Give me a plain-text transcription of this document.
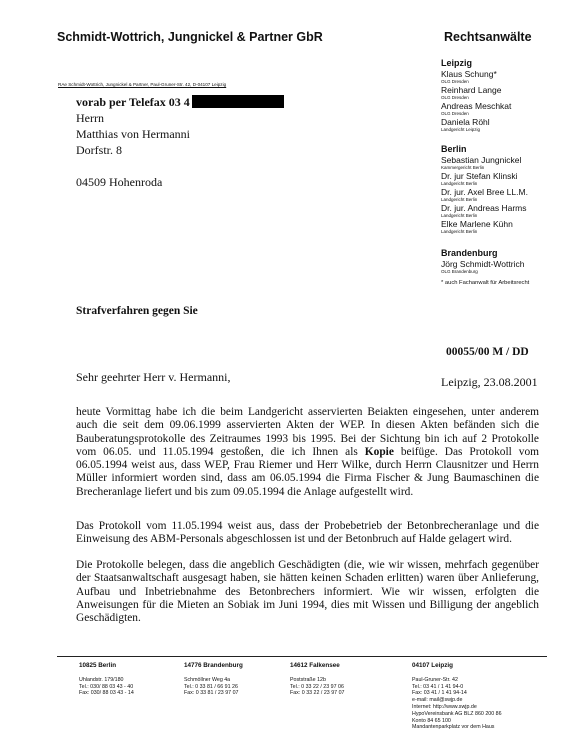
Schmidt-Wottrich, Jungnickel & Partner GbR	Rechtsanwälte
RAe Schmidt-Wottrich, Jungnickel & Partner, Paul-Gruner-Str. 42, D-04107 Leipzig
vorab per Telefax 03 4
Herrn
Matthias von Hermanni
Dorfstr. 8
04509 Hohenroda
Leipzig
Klaus Schung*
OLG Dresden
Reinhard Lange
OLG Dresden
Andreas Meschkat
OLG Dresden
Daniela Röhl
Landgericht Leipzig
Berlin
Sebastian Jungnickel
Kammergericht Berlin
Dr. jur Stefan Klinski
Landgericht Berlin
Dr. jur. Axel Bree LL.M.
Landgericht Berlin
Dr. jur. Andreas Harms
Landgericht Berlin
Elke Marlene Kühn
Landgericht Berlin
Brandenburg
Jörg Schmidt-Wottrich
OLG Brandenburg
* auch Fachanwalt für Arbeitsrecht
Strafverfahren gegen Sie
00055/00 M / DD
Sehr geehrter Herr v. Hermanni,	Leipzig, 23.08.2001
heute Vormittag habe ich die beim Landgericht asservierten Beiakten eingesehen, unter anderem auch die seit dem 09.06.1999 asservierten Akten der WEP. In diesen Akten befänden sich die Bauberatungsprotokolle des Zeitraumes 1993 bis 1995. Bei der Sichtung bin ich auf 2 Protokolle vom 06.05. und 11.05.1994 gestoßen, die ich Ihnen als Kopie beifüge. Das Protokoll vom 06.05.1994 weist aus, dass WEP, Frau Riemer und Herr Wilke, durch Herrn Clausnitzer und Herrn Müller informiert worden sind, dass am 06.05.1994 die Firma Fischer & Jung Baumaschinen die Brecheranlage liefert und bis zum 09.05.1994 die Anlage aufgestellt wird.
Das Protokoll vom 11.05.1994 weist aus, dass der Probebetrieb der Betonbrecheranlage und die Einweisung des ABM-Personals abgeschlossen ist und der Betonbruch auf Halde gelagert wird.
Die Protokolle belegen, dass die angeblich Geschädigten (die, wie wir wissen, mehrfach gegenüber der Staatsanwaltschaft ausgesagt haben, sie hätten keinen Schaden erlitten) waren über Anlieferung, Aufbau und Inbetriebnahme des Betonbrechers informiert. Wie wir wissen, erfolgten die Anweisungen für die Mieten an Sobiak im Juni 1994, dies mit Wissen und Billigung der angeblich Geschädigten.
10825 Berlin
Uhlandstr. 179/180
Tel.: 030/ 88 03 43 - 40
Fax: 030/ 88 03 43 - 14
14776 Brandenburg
Schmöllner Weg 4a
Tel.: 0 33 81 / 66 91 26
Fax: 0 33 81 / 23 97 07
14612 Falkensee
Poststraße 12b
Tel.: 0 33 22 / 23 97 06
Fax: 0 33 22 / 23 97 07
04107 Leipzig
Paul-Gruner-Str. 42
Tel.: 03 41 / 1 41 94-0
Fax: 03 41 / 1 41 94-14
e-mail: mail@swjp.de
Internet: http://www.swjp.de
HypoVereinsbank AG BLZ 860 200 86
Konto 84 65 100
Mandantenparkplatz vor dem Haus
